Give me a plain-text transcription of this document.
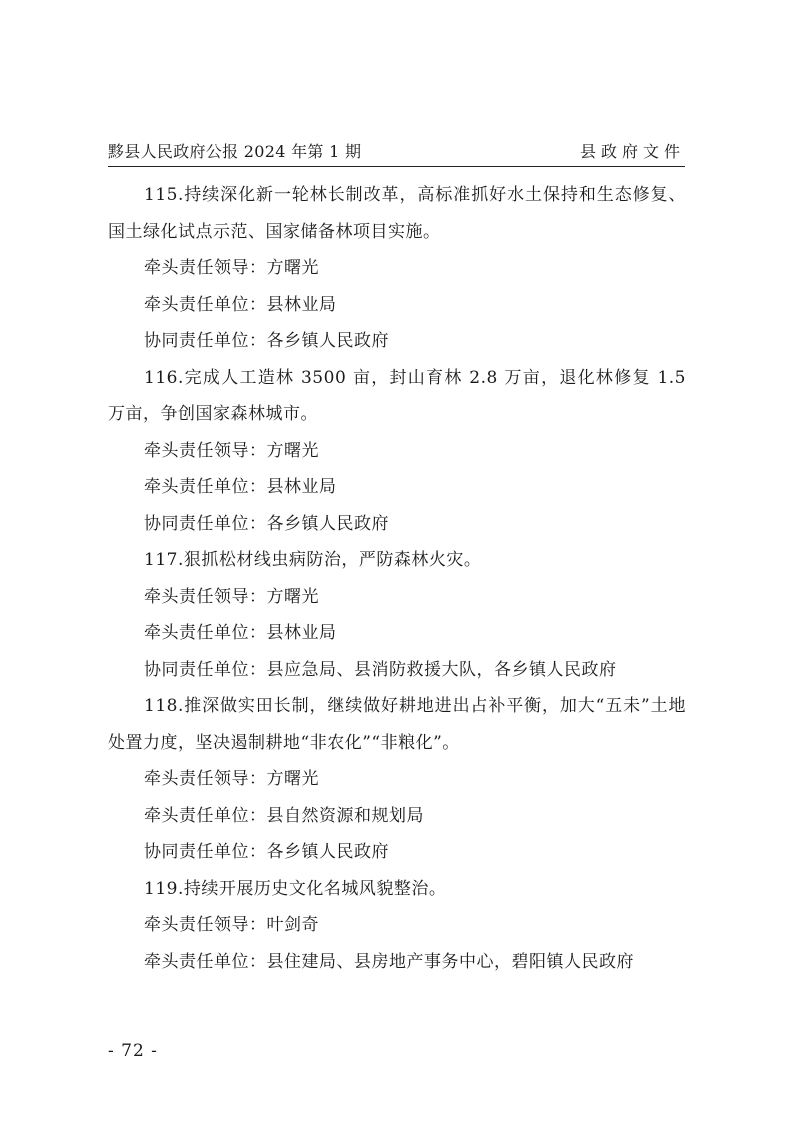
黟县人民政府公报 2024 年第 1 期	县政府文件

115.持续深化新一轮林长制改革，高标准抓好水土保持和生态修复、国土绿化试点示范、国家储备林项目实施。

牵头责任领导：方曙光

牵头责任单位：县林业局

协同责任单位：各乡镇人民政府

116.完成人工造林 3500 亩，封山育林 2.8 万亩，退化林修复 1.5 万亩，争创国家森林城市。

牵头责任领导：方曙光

牵头责任单位：县林业局

协同责任单位：各乡镇人民政府

117.狠抓松材线虫病防治，严防森林火灾。

牵头责任领导：方曙光

牵头责任单位：县林业局

协同责任单位：县应急局、县消防救援大队，各乡镇人民政府

118.推深做实田长制，继续做好耕地进出占补平衡，加大“五未”土地处置力度，坚决遏制耕地“非农化”“非粮化”。

牵头责任领导：方曙光

牵头责任单位：县自然资源和规划局

协同责任单位：各乡镇人民政府

119.持续开展历史文化名城风貌整治。

牵头责任领导：叶剑奇

牵头责任单位：县住建局、县房地产事务中心，碧阳镇人民政府

- 72 -
